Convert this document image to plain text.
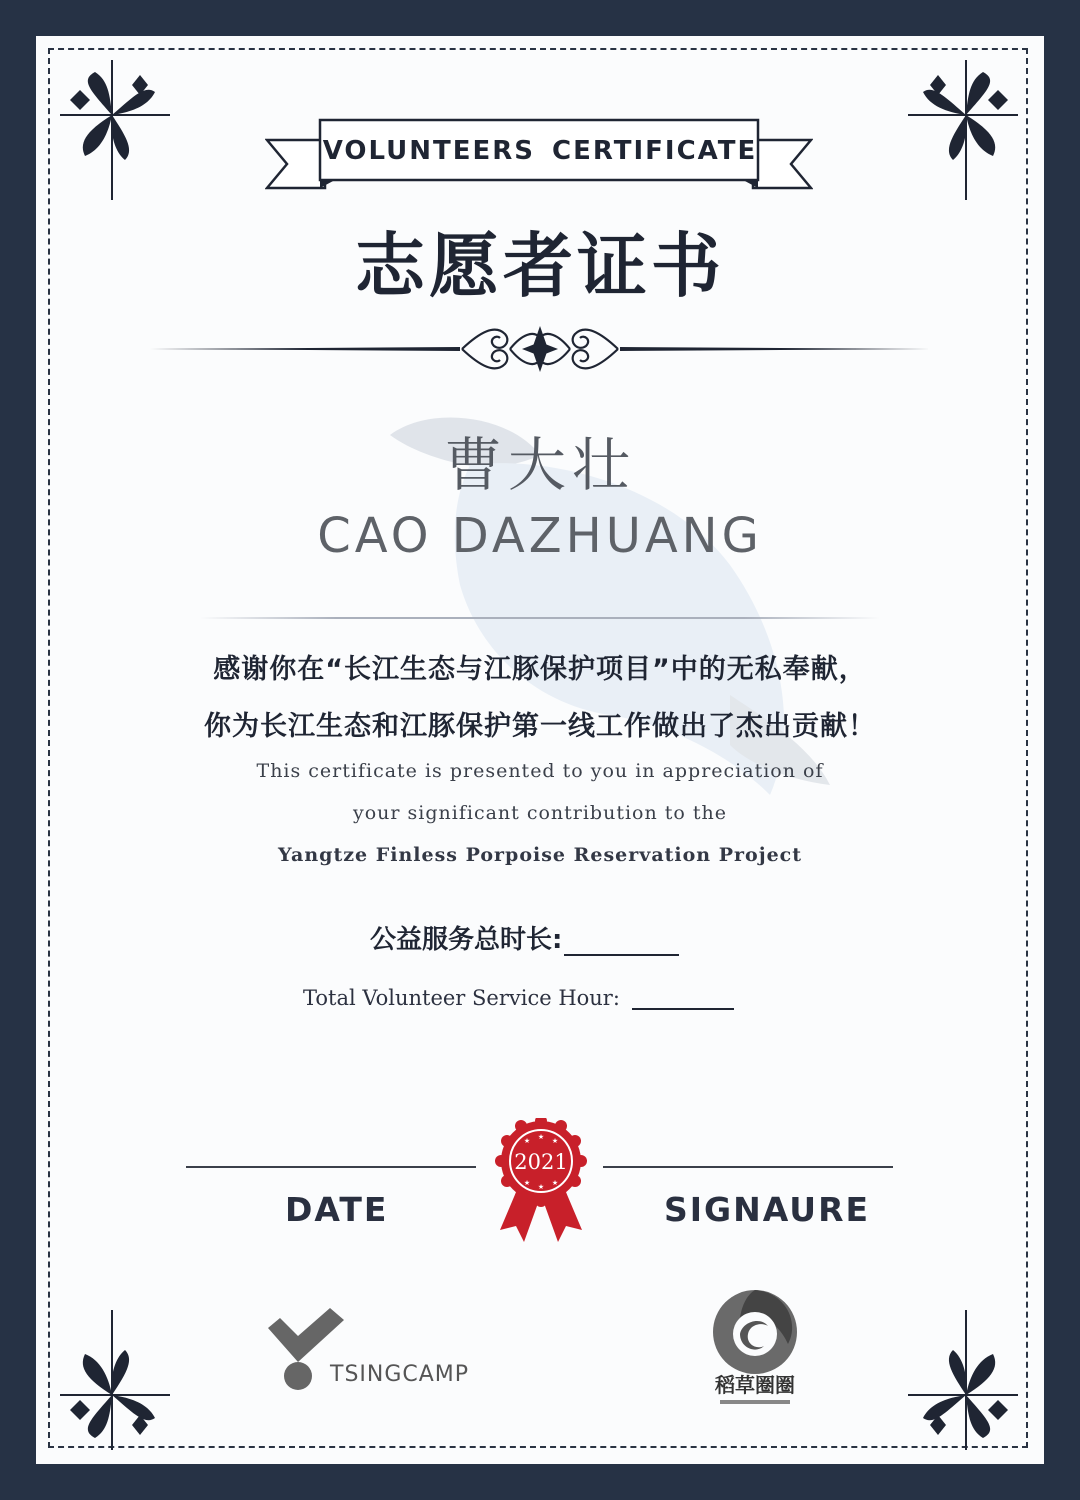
VOLUNTEERS CERTIFICATE
志愿者证书
曹大壮
CAO DAZHUANG
感谢你在“长江生态与江豚保护项目”中的无私奉献，
你为长江生态和江豚保护第一线工作做出了杰出贡献！
This certificate is presented to you in appreciation of
your significant contribution to the
Yangtze Finless Porpoise Reservation Project
公益服务总时长:
Total Volunteer Service Hour:
DATE	SIGNAURE
★ ★ ★
★ ★ ★
2021
TSINGCAMP	稻草圈圈
